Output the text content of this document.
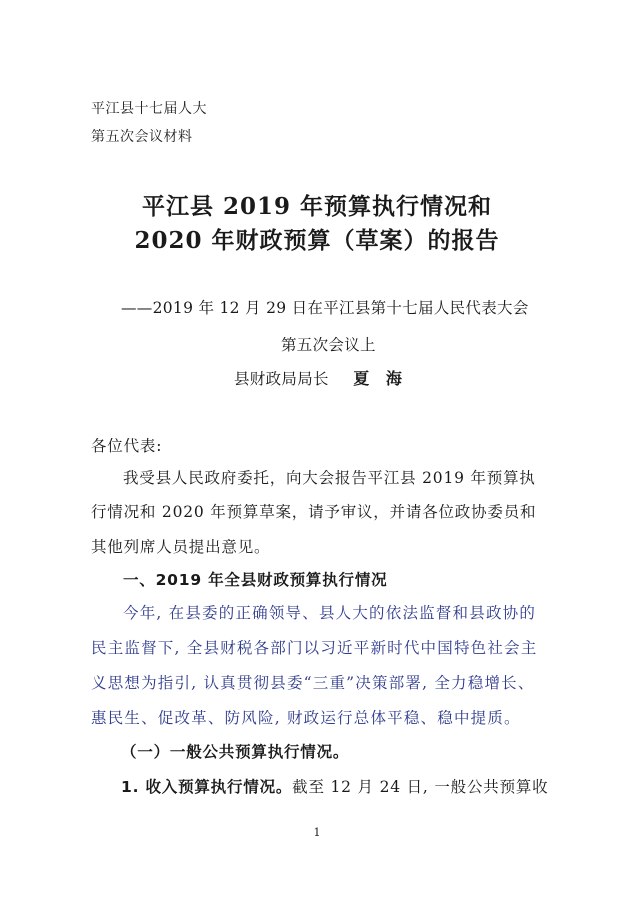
平江县十七届人大
第五次会议材料
平江县 2019 年预算执行情况和
2020 年财政预算（草案）的报告
——2019 年 12 月 29 日在平江县第十七届人民代表大会
第五次会议上
县财政局局长 夏　海
各位代表:
我受县人民政府委托，向大会报告平江县 2019 年预算执
行情况和 2020 年预算草案，请予审议，并请各位政协委员和
其他列席人员提出意见。
一、2019 年全县财政预算执行情况
今年, 在县委的正确领导、县人大的依法监督和县政协的
民主监督下, 全县财税各部门以习近平新时代中国特色社会主
义思想为指引, 认真贯彻县委“三重”决策部署, 全力稳增长、
惠民生、促改革、防风险, 财政运行总体平稳、稳中提质。
（一）一般公共预算执行情况。
1. 收入预算执行情况。截至 12 月 24 日, 一般公共预算收
1
